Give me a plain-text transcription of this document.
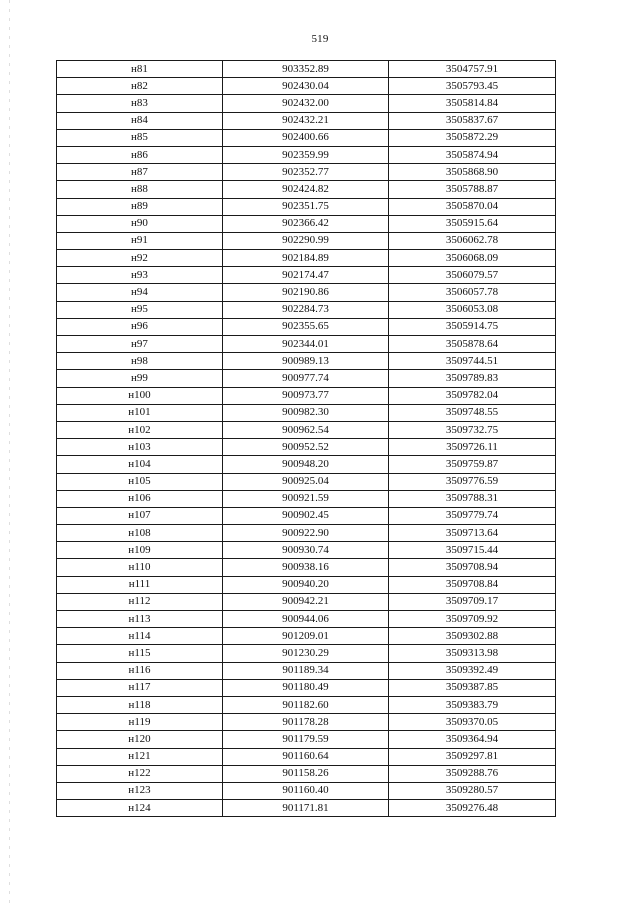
519
н81	903352.89	3504757.91
н82	902430.04	3505793.45
н83	902432.00	3505814.84
н84	902432.21	3505837.67
н85	902400.66	3505872.29
н86	902359.99	3505874.94
н87	902352.77	3505868.90
н88	902424.82	3505788.87
н89	902351.75	3505870.04
н90	902366.42	3505915.64
н91	902290.99	3506062.78
н92	902184.89	3506068.09
н93	902174.47	3506079.57
н94	902190.86	3506057.78
н95	902284.73	3506053.08
н96	902355.65	3505914.75
н97	902344.01	3505878.64
н98	900989.13	3509744.51
н99	900977.74	3509789.83
н100	900973.77	3509782.04
н101	900982.30	3509748.55
н102	900962.54	3509732.75
н103	900952.52	3509726.11
н104	900948.20	3509759.87
н105	900925.04	3509776.59
н106	900921.59	3509788.31
н107	900902.45	3509779.74
н108	900922.90	3509713.64
н109	900930.74	3509715.44
н110	900938.16	3509708.94
н111	900940.20	3509708.84
н112	900942.21	3509709.17
н113	900944.06	3509709.92
н114	901209.01	3509302.88
н115	901230.29	3509313.98
н116	901189.34	3509392.49
н117	901180.49	3509387.85
н118	901182.60	3509383.79
н119	901178.28	3509370.05
н120	901179.59	3509364.94
н121	901160.64	3509297.81
н122	901158.26	3509288.76
н123	901160.40	3509280.57
н124	901171.81	3509276.48
